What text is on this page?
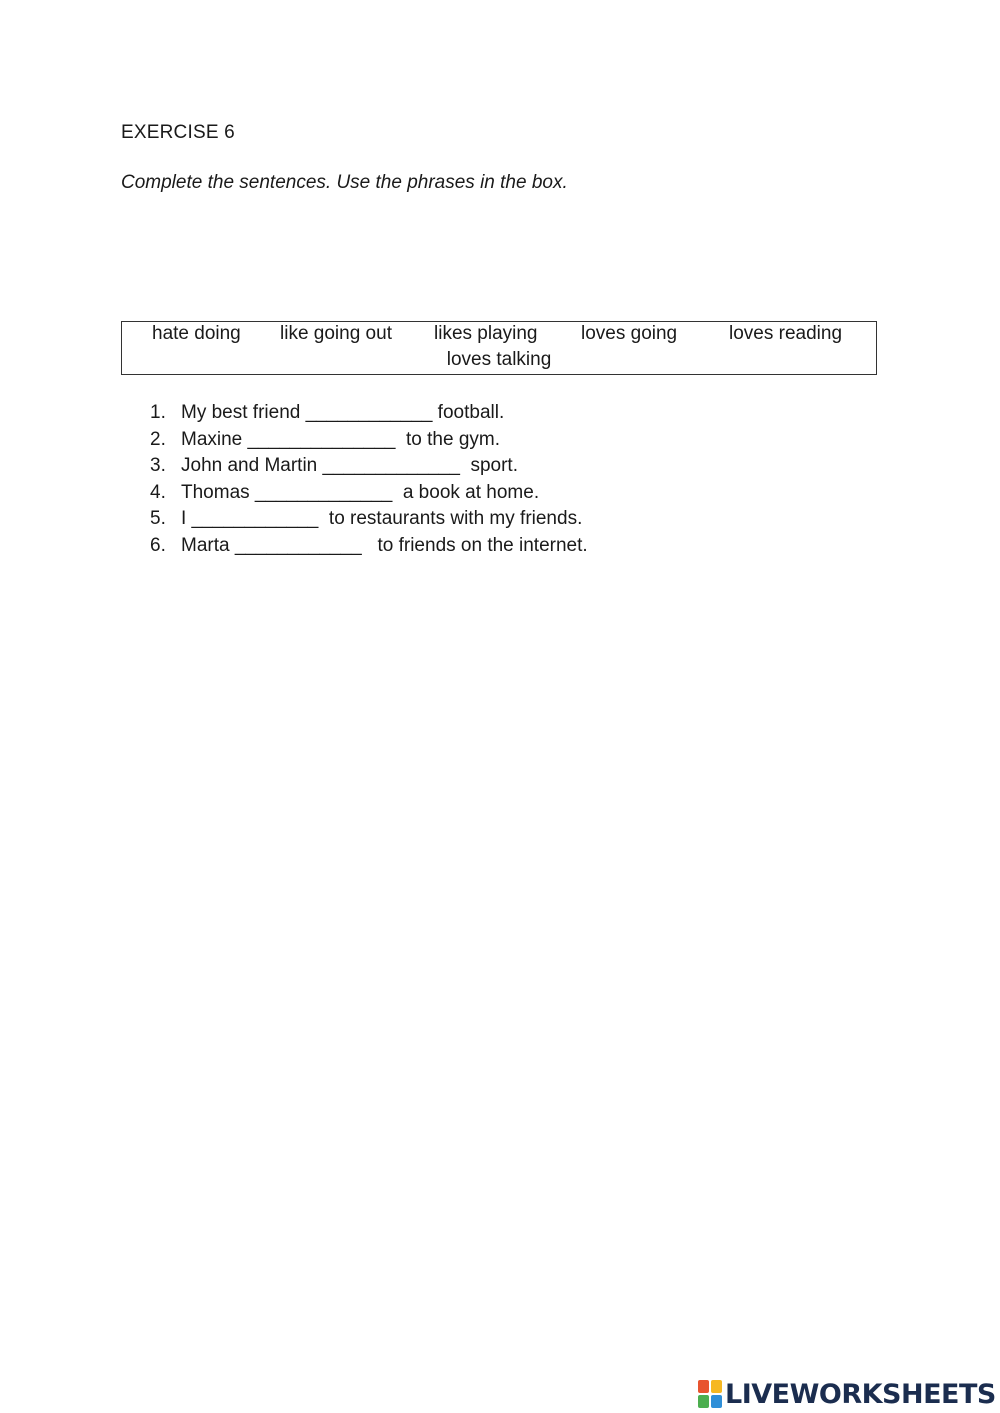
EXERCISE 6
Complete the sentences. Use the phrases in the box.
hate doing like going out likes playing loves going	loves reading
loves talking
1. My best friend ____________ football.
2. Maxine ______________  to the gym.
3. John and Martin _____________  sport.
4. Thomas _____________  a book at home.
5. I ____________  to restaurants with my friends.
6. Marta ____________   to friends on the internet.
LIVEWORKSHEETS
